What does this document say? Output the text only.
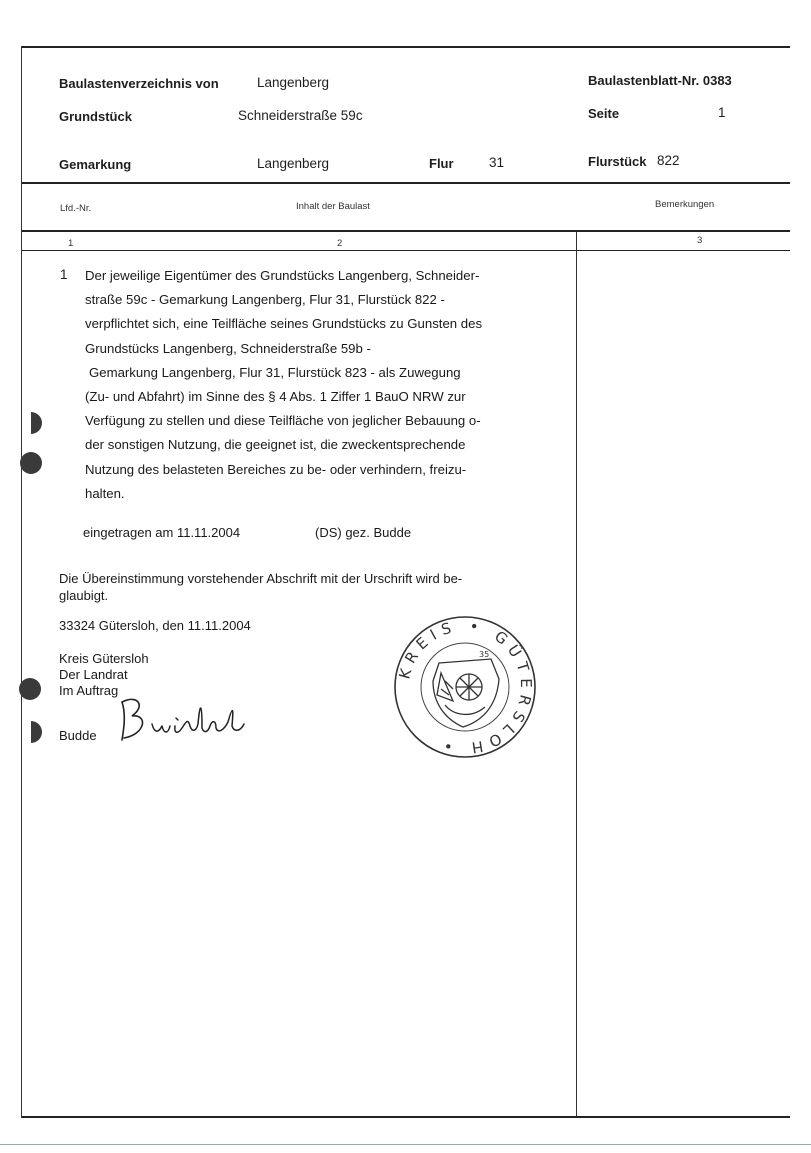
Baulastenverzeichnis von	Langenberg	Baulastenblatt-Nr. 0383
Grundstück	Schneiderstraße 59c	Seite	1
Gemarkung	Langenberg	Flur	31	Flurstück 822
Lfd.-Nr.	Inhalt der Baulast	Bemerkungen
1	2	3
1 Der jeweilige Eigentümer des Grundstücks Langenberg, Schneider-
straße 59c - Gemarkung Langenberg, Flur 31, Flurstück 822 -
verpflichtet sich, eine Teilfläche seines Grundstücks zu Gunsten des
Grundstücks Langenberg, Schneiderstraße 59b -
Gemarkung Langenberg, Flur 31, Flurstück 823 - als Zuwegung
(Zu- und Abfahrt) im Sinne des § 4 Abs. 1 Ziffer 1 BauO NRW zur
Verfügung zu stellen und diese Teilfläche von jeglicher Bebauung o-
der sonstigen Nutzung, die geeignet ist, die zweckentsprechende
Nutzung des belasteten Bereiches zu be- oder verhindern, freizu-
halten.
eingetragen am 11.11.2004	(DS) gez. Budde
Die Übereinstimmung vorstehender Abschrift mit der Urschrift wird be-
glaubigt.
33324 Gütersloh, den 11.11.2004
Kreis Gütersloh
Der Landrat
Im Auftrag
Budde
KREIS • GÜTERSLOH •
35
